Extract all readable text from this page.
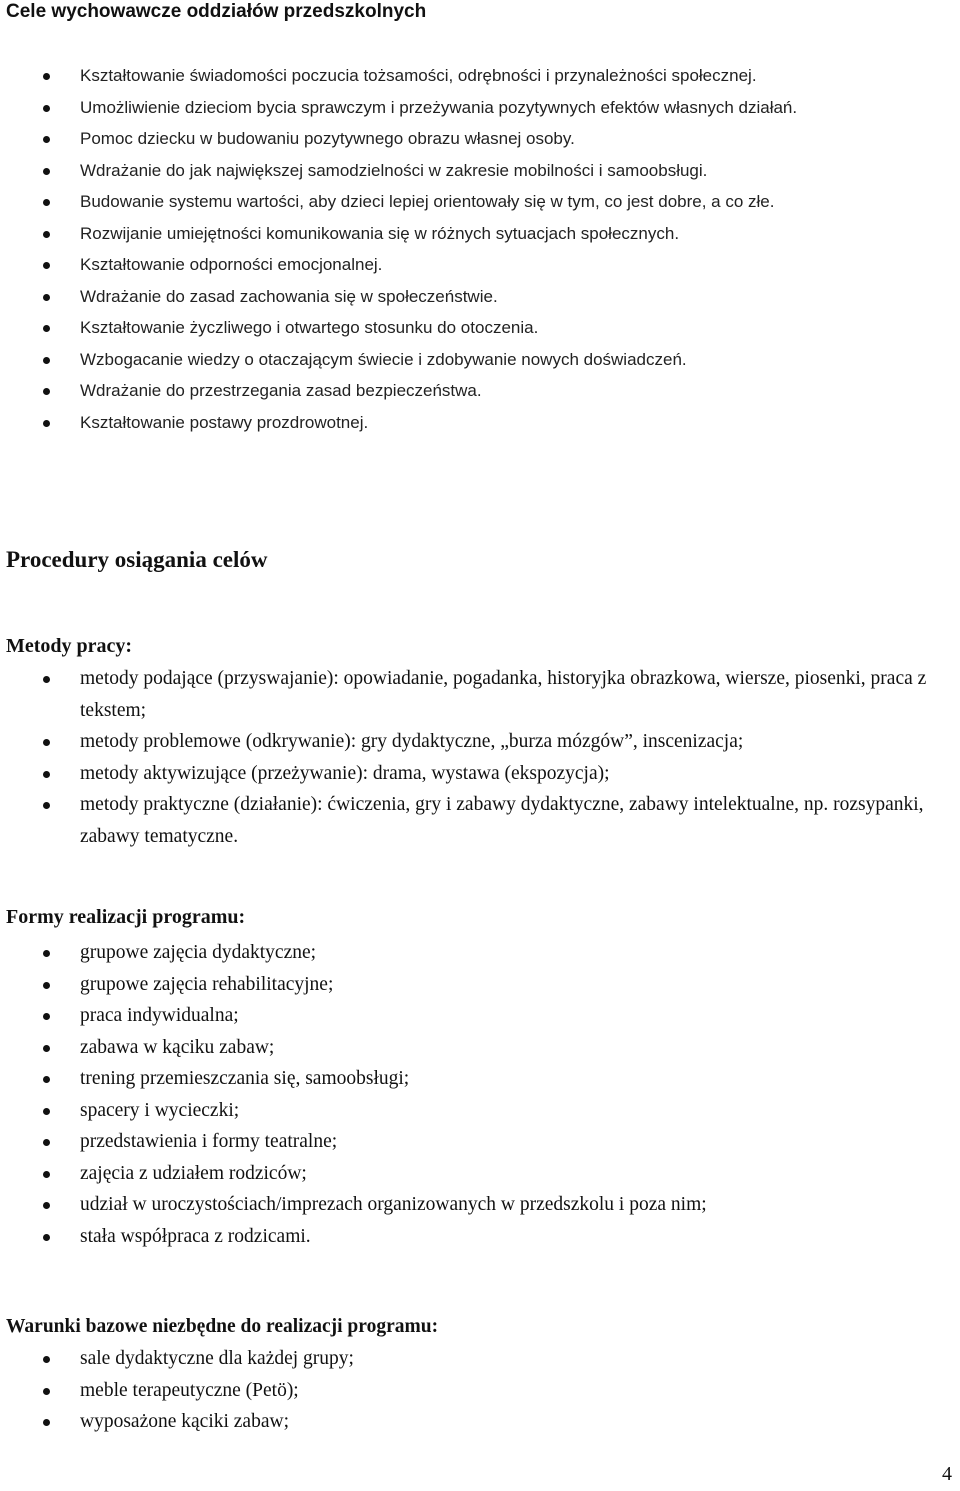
Cele wychowawcze oddziałów przedszkolnych
Kształtowanie świadomości poczucia tożsamości, odrębności i przynależności społecznej.
Umożliwienie dzieciom bycia sprawczym i przeżywania pozytywnych efektów własnych działań.
Pomoc dziecku w budowaniu pozytywnego obrazu własnej osoby.
Wdrażanie do jak największej samodzielności w zakresie mobilności i samoobsługi.
Budowanie systemu wartości, aby dzieci lepiej orientowały się w tym, co jest dobre, a co złe.
Rozwijanie umiejętności komunikowania się w różnych sytuacjach społecznych.
Kształtowanie odporności emocjonalnej.
Wdrażanie do zasad zachowania się w społeczeństwie.
Kształtowanie życzliwego i otwartego stosunku do otoczenia.
Wzbogacanie wiedzy o otaczającym świecie i zdobywanie nowych doświadczeń.
Wdrażanie do przestrzegania zasad bezpieczeństwa.
Kształtowanie postawy prozdrowotnej.
Procedury osiągania celów
Metody pracy:
metody podające (przyswajanie): opowiadanie, pogadanka, historyjka obrazkowa, wiersze, piosenki, praca z tekstem;
metody problemowe (odkrywanie): gry dydaktyczne, „burza mózgów”, inscenizacja;
metody aktywizujące (przeżywanie): drama, wystawa (ekspozycja);
metody praktyczne (działanie): ćwiczenia, gry i zabawy dydaktyczne, zabawy intelektualne, np. rozsypanki, zabawy tematyczne.
Formy realizacji programu:
grupowe zajęcia dydaktyczne;
grupowe zajęcia rehabilitacyjne;
praca indywidualna;
zabawa w kąciku zabaw;
trening przemieszczania się, samoobsługi;
spacery i wycieczki;
przedstawienia i formy teatralne;
zajęcia z udziałem rodziców;
udział w uroczystościach/imprezach organizowanych w przedszkolu i poza nim;
stała współpraca z rodzicami.
Warunki bazowe niezbędne do realizacji programu:
sale dydaktyczne dla każdej grupy;
meble terapeutyczne (Petö);
wyposażone kąciki zabaw;
4
